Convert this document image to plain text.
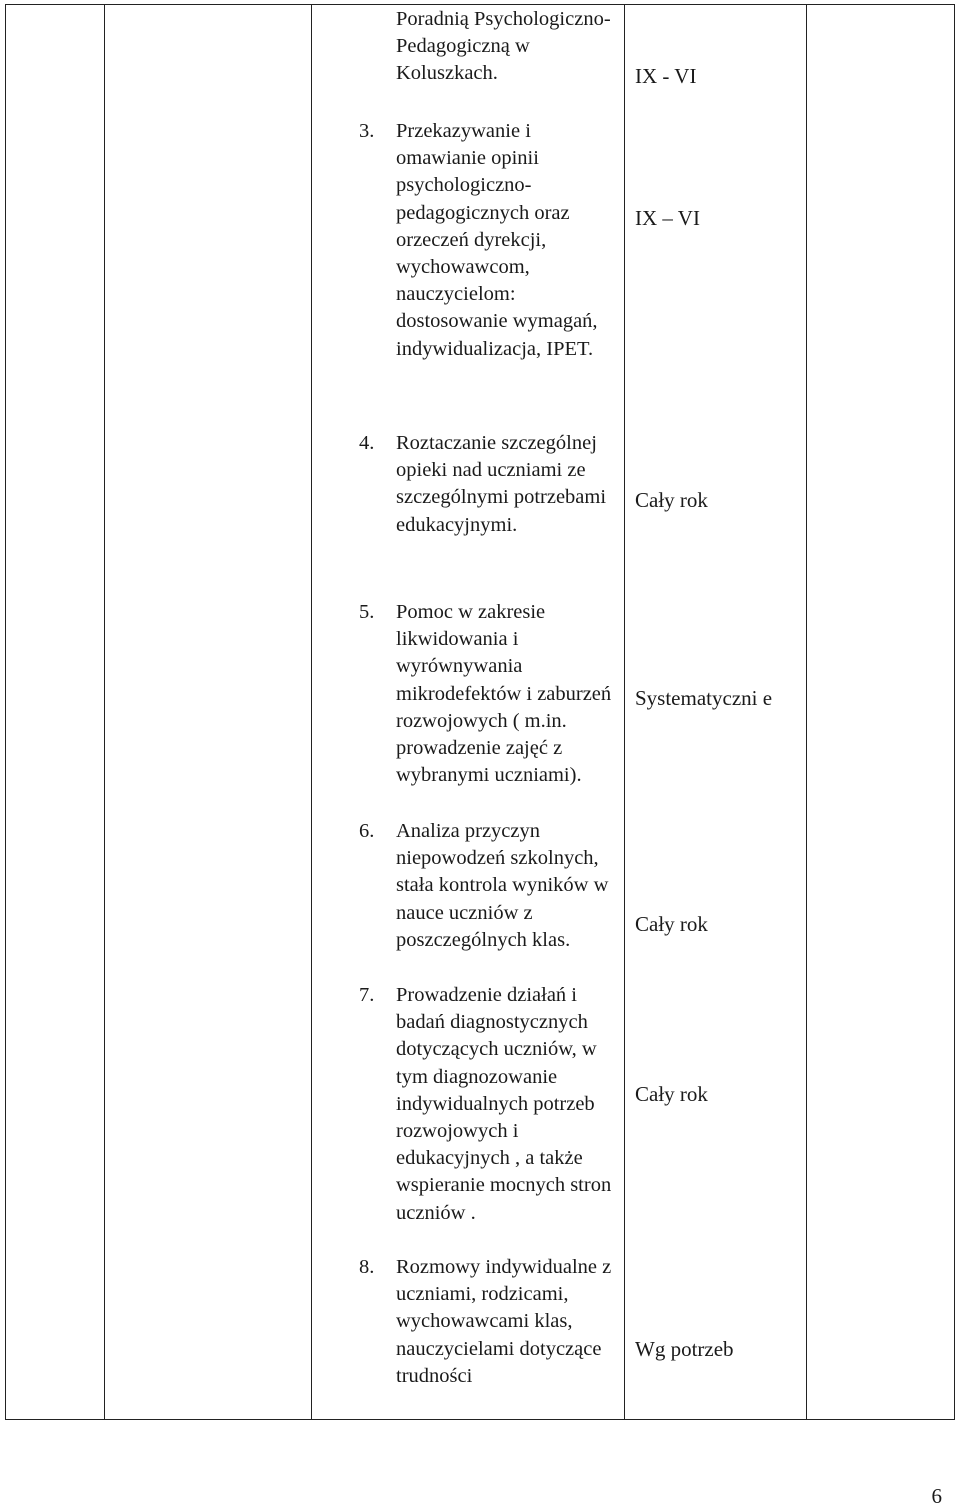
Poradnią Psychologiczno-Pedagogiczną w Koluszkach.
3. Przekazywanie i omawianie opinii psychologiczno-pedagogicznych oraz orzeczeń dyrekcji, wychowawcom, nauczycielom: dostosowanie wymagań, indywidualizacja, IPET.
4. Roztaczanie szczególnej opieki nad uczniami ze szczególnymi potrzebami edukacyjnymi.
5. Pomoc w zakresie likwidowania i wyrównywania mikrodefektów i zaburzeń rozwojowych ( m.in. prowadzenie zajęć z wybranymi uczniami).
6. Analiza przyczyn niepowodzeń szkolnych, stała kontrola wyników w nauce uczniów z poszczególnych klas.
7. Prowadzenie działań i badań diagnostycznych dotyczących uczniów, w tym diagnozowanie indywidualnych potrzeb rozwojowych i edukacyjnych , a także wspieranie mocnych stron uczniów .
8. Rozmowy indywidualne z uczniami, rodzicami, wychowawcami klas, nauczycielami dotyczące trudności
IX - VI
IX – VI
Cały rok
Systematyczni e
Cały rok
Cały rok
Wg potrzeb
6
